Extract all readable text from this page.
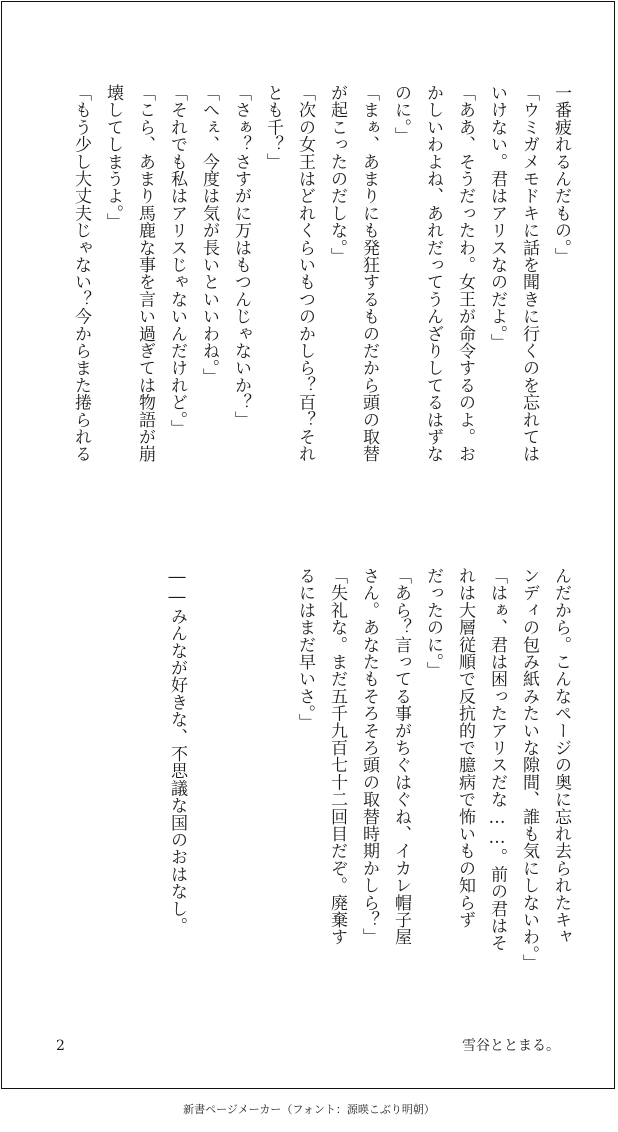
一番疲れるんだもの。」
「ウミガメモドキに話を聞きに行くのを忘れては
いけない。君はアリスなのだよ。」
「ああ、そうだったわ。女王が命令するのよ。お
かしいわよね、あれだってうんざりしてるはずな
のに。」
「まぁ、あまりにも発狂するものだから頭の取替
が起こったのだしな。」
「次の女王はどれくらいもつのかしら？百？それ
とも千？」
「さぁ？さすがに万はもつんじゃないか？」
「へぇ、今度は気が長いといいわね。」
「それでも私はアリスじゃないんだけれど。」
「こら、あまり馬鹿な事を言い過ぎては物語が崩
壊してしまうよ。」
「もう少し大丈夫じゃない？今からまた捲られる
んだから。こんなページの奥に忘れ去られたキャ
ンディの包み紙みたいな隙間、誰も気にしないわ。」
「はぁ、君は困ったアリスだな……。前の君はそ
れは大層従順で反抗的で臆病で怖いもの知らず
だったのに。」
「あら？言ってる事がちぐはぐね、イカレ帽子屋
さん。あなたもそろそろ頭の取替時期かしら？」
「失礼な。まだ五千九百七十二回目だぞ。廃棄す
るにはまだ早いさ。」
――みんなが好きな、不思議な国のおはなし。
2	雪谷ととまる。
新書ページメーカー（フォント：源暎こぶり明朝）
